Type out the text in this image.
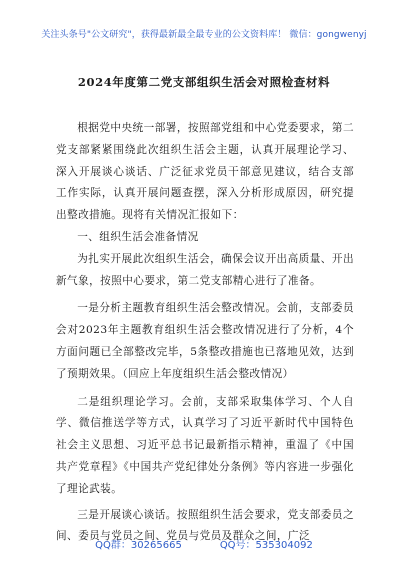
关注头条号"公文研究"，获得最新最全最专业的公文资料库！ 微信：gongwenyj
2024年度第二党支部组织生活会对照检查材料

根据党中央统一部署，按照部党组和中心党委要求，第二党支部紧紧围绕此次组织生活会主题，认真开展理论学习、深入开展谈心谈话、广泛征求党员干部意见建议，结合支部工作实际，认真开展问题查摆，深入分析形成原因，研究提出整改措施。现将有关情况汇报如下：

一、组织生活会准备情况

为扎实开展此次组织生活会，确保会议开出高质量、开出新气象，按照中心要求，第二党支部精心进行了准备。

一是分析主题教育组织生活会整改情况。会前，支部委员会对2023年主题教育组织生活会整改情况进行了分析，4个方面问题已全部整改完毕，5条整改措施也已落地见效，达到了预期效果。（回应上年度组织生活会整改情况）

二是组织理论学习。会前，支部采取集体学习、个人自学、微信推送学等方式，认真学习了习近平新时代中国特色社会主义思想、习近平总书记最新指示精神，重温了《中国共产党章程》《中国共产党纪律处分条例》等内容进一步强化了理论武装。

三是开展谈心谈话。按照组织生活会要求，党支部委员之间、委员与党员之间、党员与党员及群众之间，广泛

QQ群：30265665	QQ号：535304092
